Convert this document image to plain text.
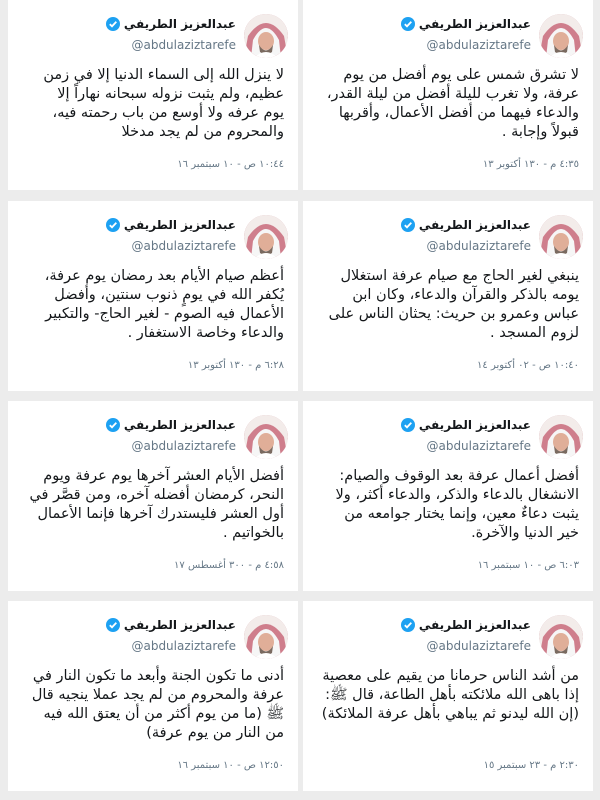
عبدالعزيز الطريفي
@abdulaziztarefe
لا ينزل الله إلى السماء الدنيا إلا في زمن
عظيم، ولم يثبت نزوله سبحانه نهاراً إلا
يوم عرفه ولا أوسع من باب رحمته فيه،
والمحروم من لم يجد مدخلا
١٠:٤٤ ص - ١٠ سبتمبر ١٦
عبدالعزيز الطريفي
@abdulaziztarefe
لا تشرق شمس على يوم أفضل من يوم
عرفة، ولا تغرب لليلة أفضل من ليلة القدر،
والدعاء فيهما من أفضل الأعمال، وأقربها
قبولاً وإجابة .
٤:٣٥ م - ١٣٠ أكتوبر ١٣
عبدالعزيز الطريفي
@abdulaziztarefe
أعظم صيام الأيام بعد رمضان يوم عرفة،
يُكفر الله في يومٍ ذنوب سنتين، وأفضل
الأعمال فيه الصوم - لغير الحاج- والتكبير
والدعاء وخاصة الاستغفار .
٦:٢٨ م - ١٣٠ أكتوبر ١٣
عبدالعزيز الطريفي
@abdulaziztarefe
ينبغي لغير الحاج مع صيام عرفة استغلال
يومه بالذكر والقرآن والدعاء، وكان ابن
عباس وعمرو بن حريث: يحثان الناس على
لزوم المسجد .
١٠:٤٠ ص - ٠٢ أكتوبر ١٤
عبدالعزيز الطريفي
@abdulaziztarefe
أفضل الأيام العشر آخرها يوم عرفة ويوم
النحر، كرمضان أفضله آخره، ومن قصَّر في
أول العشر فليستدرك آخرها فإنما الأعمال
بالخواتيم .
٤:٥٨ م - ٣٠٠ أغسطس ١٧
عبدالعزيز الطريفي
@abdulaziztarefe
أفضل أعمال عرفة بعد الوقوف والصيام:
الانشغال بالدعاء والذكر، والدعاء أكثر، ولا
يثبت دعاءٌ معين، وإنما يختار جوامعه من
خير الدنيا والآخرة.
٦:٠٣ ص - ١٠ سبتمبر ١٦
عبدالعزيز الطريفي
@abdulaziztarefe
أدنى ما تكون الجنة وأبعد ما تكون النار في
عرفة والمحروم من لم يجد عملا ينجيه قال
ﷺ (ما من يوم أكثر من أن يعتق الله فيه
من النار من يوم عرفة)
١٢:٥٠ ص - ١٠ سبتمبر ١٦
عبدالعزيز الطريفي
@abdulaziztarefe
من أشد الناس حرمانا من يقيم على معصية
إذا باهى الله ملائكته بأهل الطاعة، قال ﷺ:
(إن الله ليدنو ثم يباهي بأهل عرفة الملائكة)
٢:٣٠ م - ٢٣ سبتمبر ١٥
